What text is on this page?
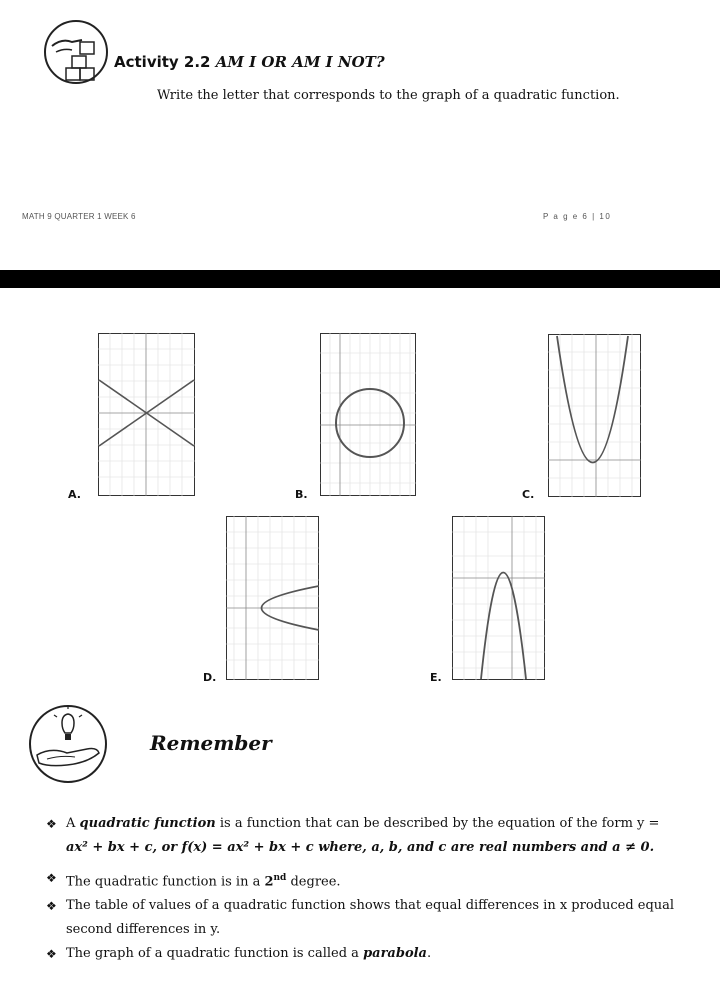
Activity 2.2 AM I OR AM I NOT?
Write the letter that corresponds to the graph of a quadratic function.
MATH 9 QUARTER 1 WEEK 6	P a g e 6 | 10
A.	B.	C.
D.	E.
Remember
❖ A quadratic function is a function that can be described by the equation of the form y =
ax² + bx + c, or f(x) = ax² + bx + c where, a, b, and c are real numbers and a ≠ 0.
❖ The quadratic function is in a 2nd degree.
❖ The table of values of a quadratic function shows that equal differences in x produced equal second differences in y.
❖ The graph of a quadratic function is called a parabola.
